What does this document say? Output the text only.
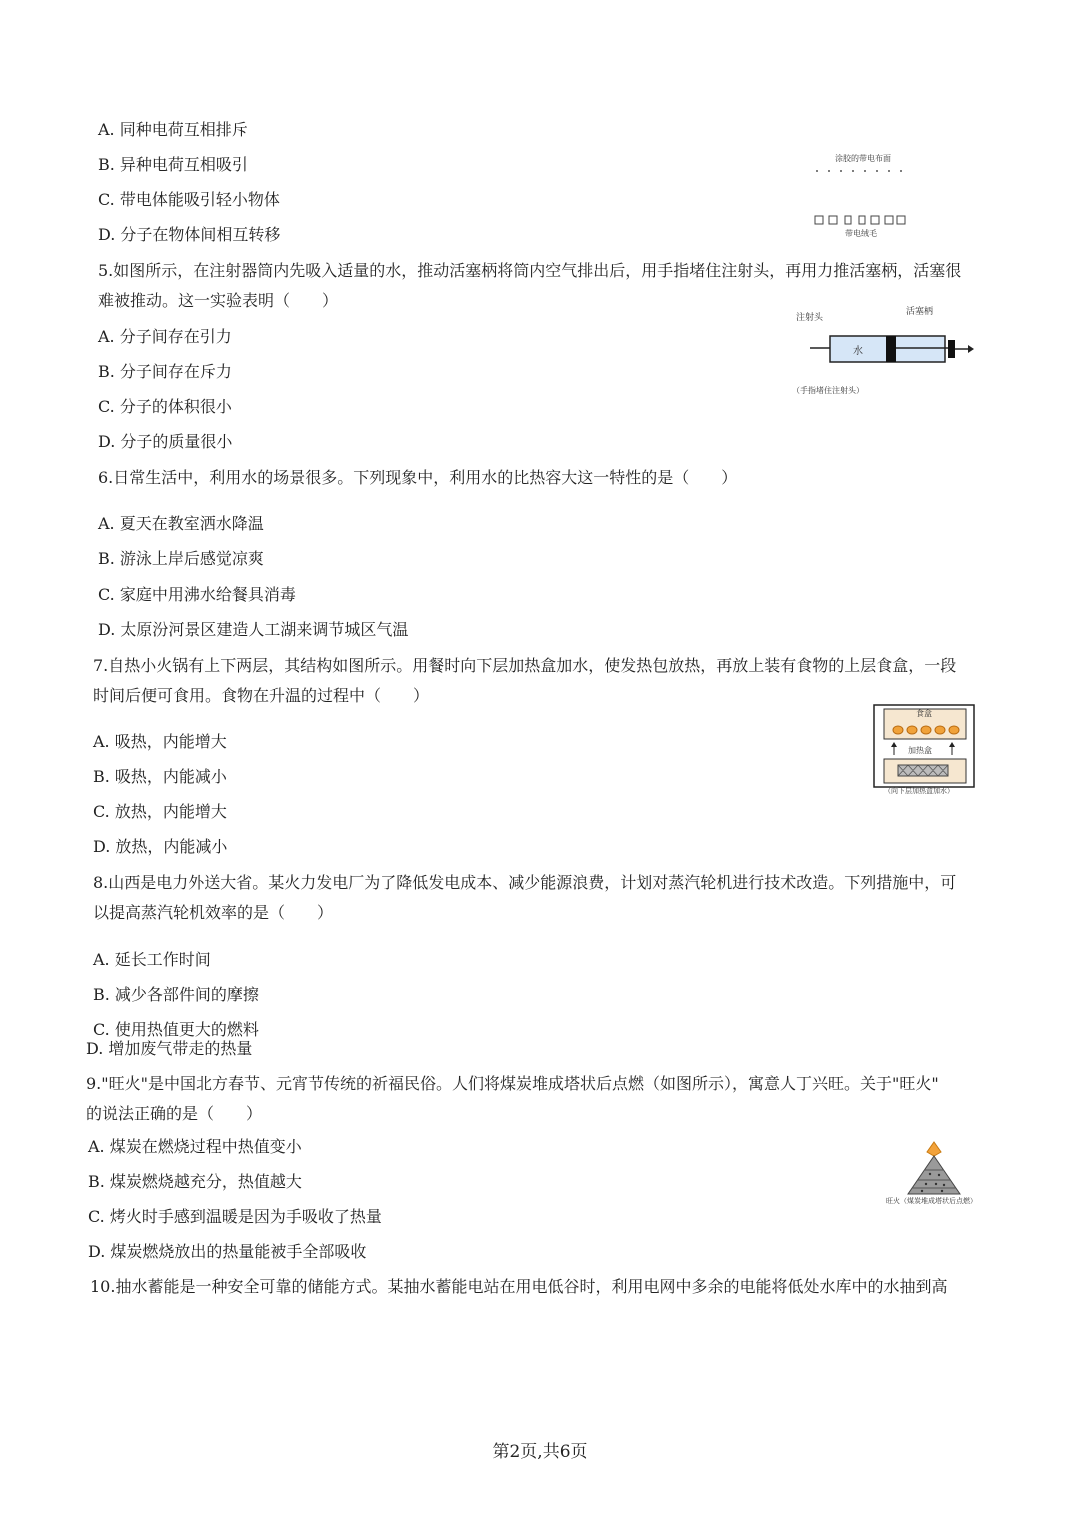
A. 同种电荷互相排斥
B. 异种电荷互相吸引
C. 带电体能吸引轻小物体
D. 分子在物体间相互转移
涂胶的带电布面
带电绒毛
5.如图所示，在注射器筒内先吸入适量的水，推动活塞柄将筒内空气排出后，用手指堵住注射头，再用力推活塞柄，活塞很
难被推动。这一实验表明（　　）
A. 分子间存在引力
B. 分子间存在斥力
C. 分子的体积很小
D. 分子的质量很小
注射头
活塞柄
水
（手指堵住注射头）
6.日常生活中，利用水的场景很多。下列现象中，利用水的比热容大这一特性的是（　　）
A. 夏天在教室洒水降温
B. 游泳上岸后感觉凉爽
C. 家庭中用沸水给餐具消毒
D. 太原汾河景区建造人工湖来调节城区气温
7.自热小火锅有上下两层，其结构如图所示。用餐时向下层加热盒加水，使发热包放热，再放上装有食物的上层食盒，一段
时间后便可食用。食物在升温的过程中（　　）
A. 吸热，内能增大
B. 吸热，内能减小
C. 放热，内能增大
D. 放热，内能减小
食盒
加热盒
（向下层加热盒加水）
8.山西是电力外送大省。某火力发电厂为了降低发电成本、减少能源浪费，计划对蒸汽轮机进行技术改造。下列措施中，可
以提高蒸汽轮机效率的是（　　）
A. 延长工作时间
B. 减少各部件间的摩擦
C. 使用热值更大的燃料
D. 增加废气带走的热量
9."旺火"是中国北方春节、元宵节传统的祈福民俗。人们将煤炭堆成塔状后点燃（如图所示），寓意人丁兴旺。关于"旺火"
的说法正确的是（　　）
A. 煤炭在燃烧过程中热值变小
B. 煤炭燃烧越充分，热值越大
C. 烤火时手感到温暖是因为手吸收了热量
D. 煤炭燃烧放出的热量能被手全部吸收
旺火（煤炭堆成塔状后点燃）
10.抽水蓄能是一种安全可靠的储能方式。某抽水蓄能电站在用电低谷时，利用电网中多余的电能将低处水库中的水抽到高
第2页,共6页
